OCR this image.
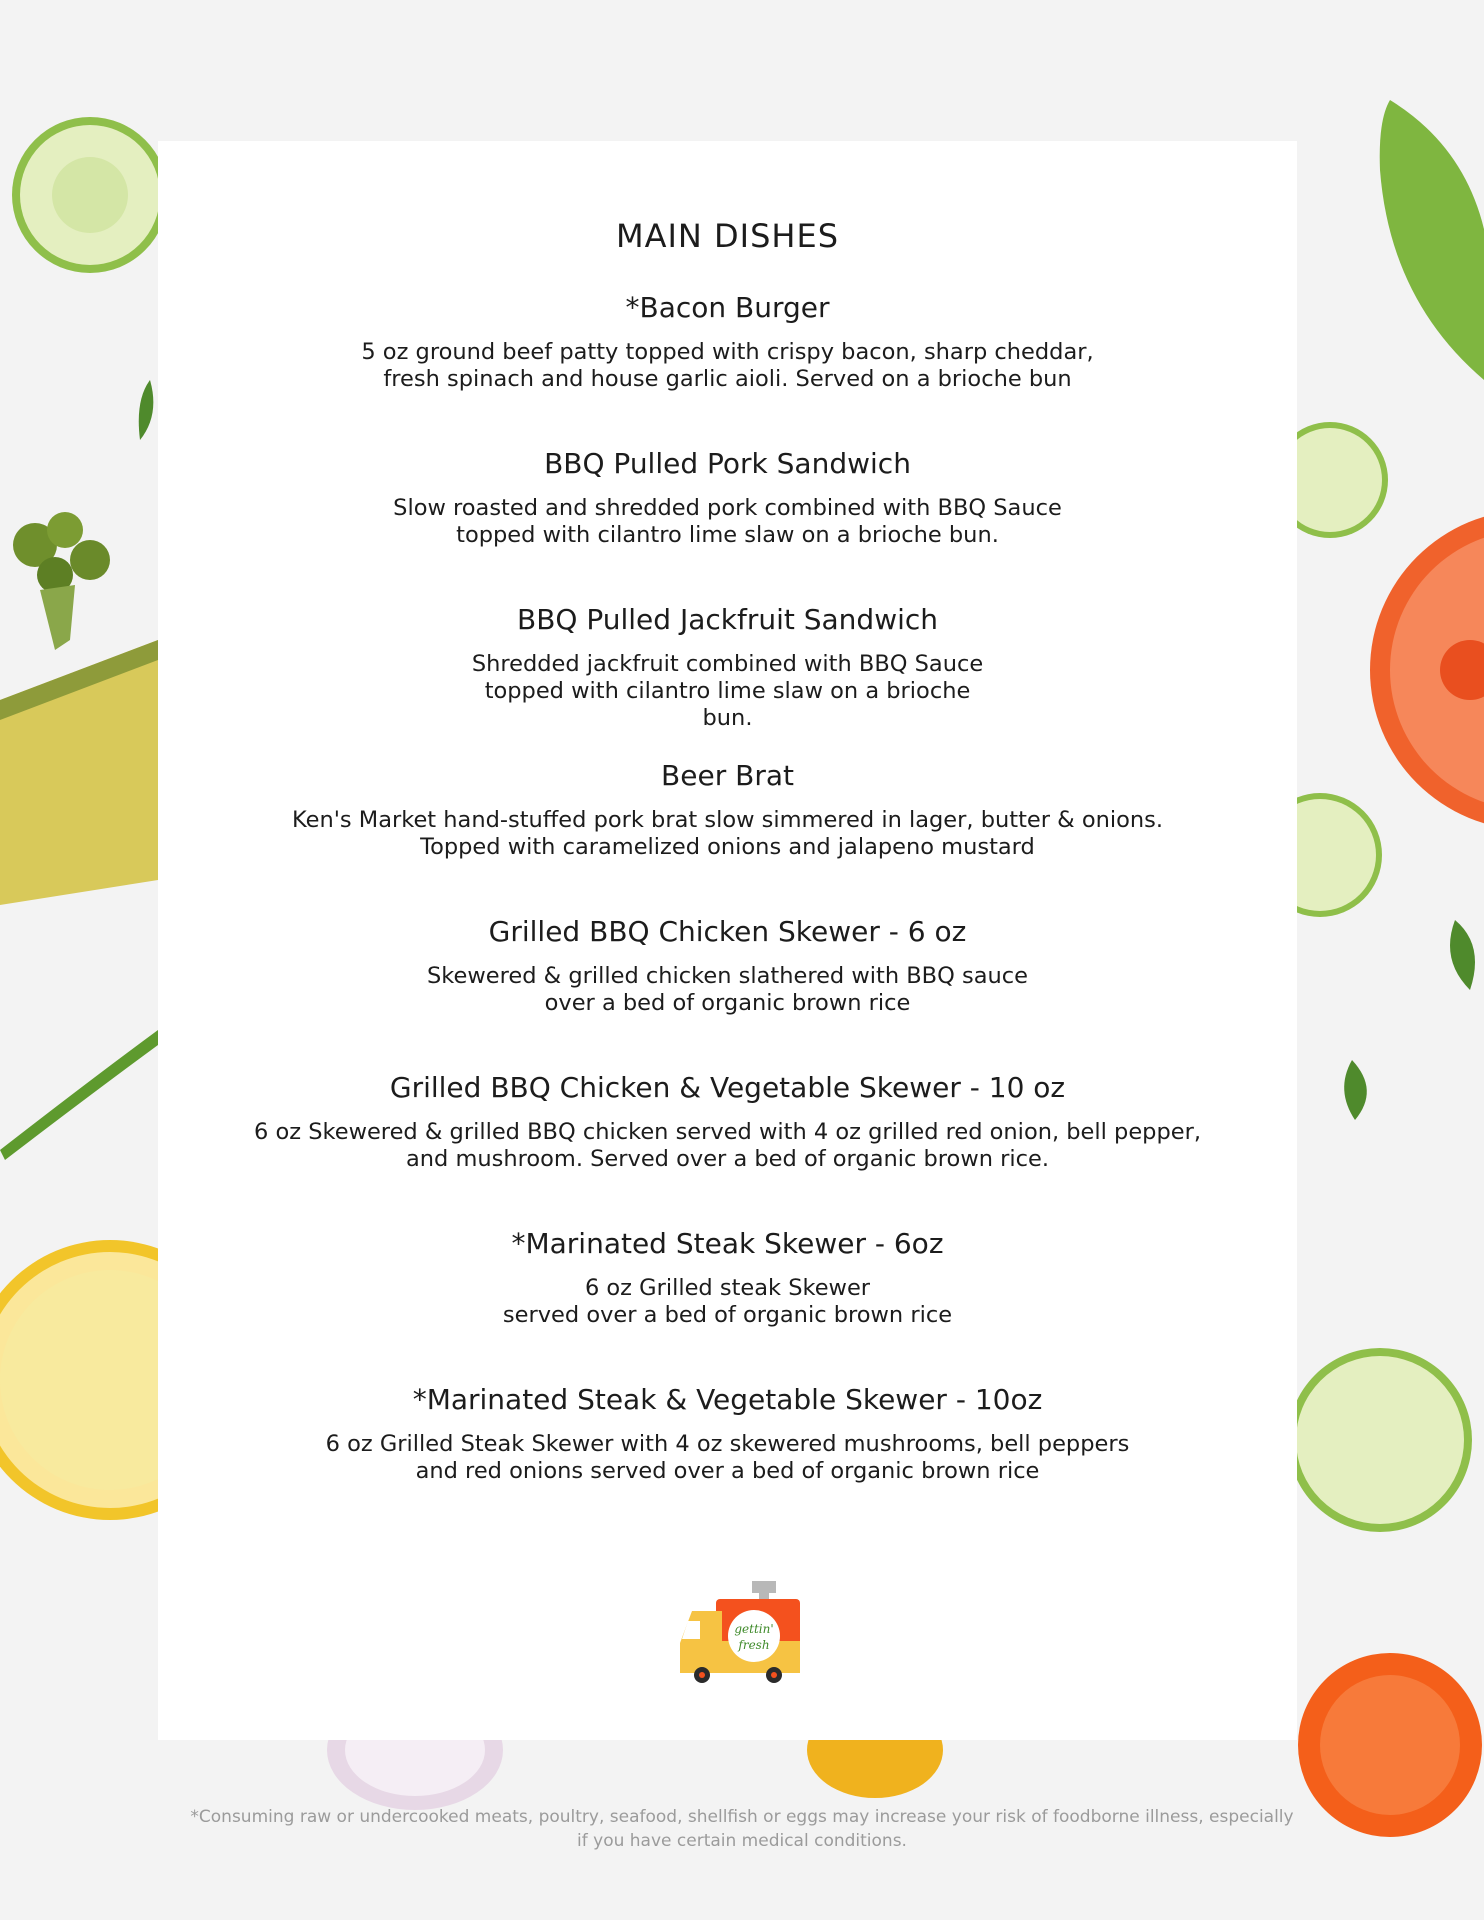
MAIN DISHES
*Bacon Burger

5 oz ground beef patty topped with crispy bacon, sharp cheddar,
fresh spinach and house garlic aioli. Served on a brioche bun

BBQ Pulled Pork Sandwich

Slow roasted and shredded pork combined with BBQ Sauce
topped with cilantro lime slaw on a brioche bun.

BBQ Pulled Jackfruit Sandwich

Shredded jackfruit combined with BBQ Sauce
topped with cilantro lime slaw on a brioche
bun.

Beer Brat

Ken's Market hand-stuffed pork brat slow simmered in lager, butter & onions.
Topped with caramelized onions and jalapeno mustard

Grilled BBQ Chicken Skewer - 6 oz

Skewered & grilled chicken slathered with BBQ sauce
over a bed of organic brown rice

Grilled BBQ Chicken & Vegetable Skewer - 10 oz

6 oz Skewered & grilled BBQ chicken served with 4 oz grilled red onion, bell pepper,
and mushroom. Served over a bed of organic brown rice.

*Marinated Steak Skewer - 6oz

6 oz Grilled steak Skewer
served over a bed of organic brown rice

*Marinated Steak & Vegetable Skewer - 10oz

6 oz Grilled Steak Skewer with 4 oz skewered mushrooms, bell peppers
and red onions served over a bed of organic brown rice

gettin'
fresh
*Consuming raw or undercooked meats, poultry, seafood, shellfish or eggs may increase your risk of foodborne illness, especially
if you have certain medical conditions.
